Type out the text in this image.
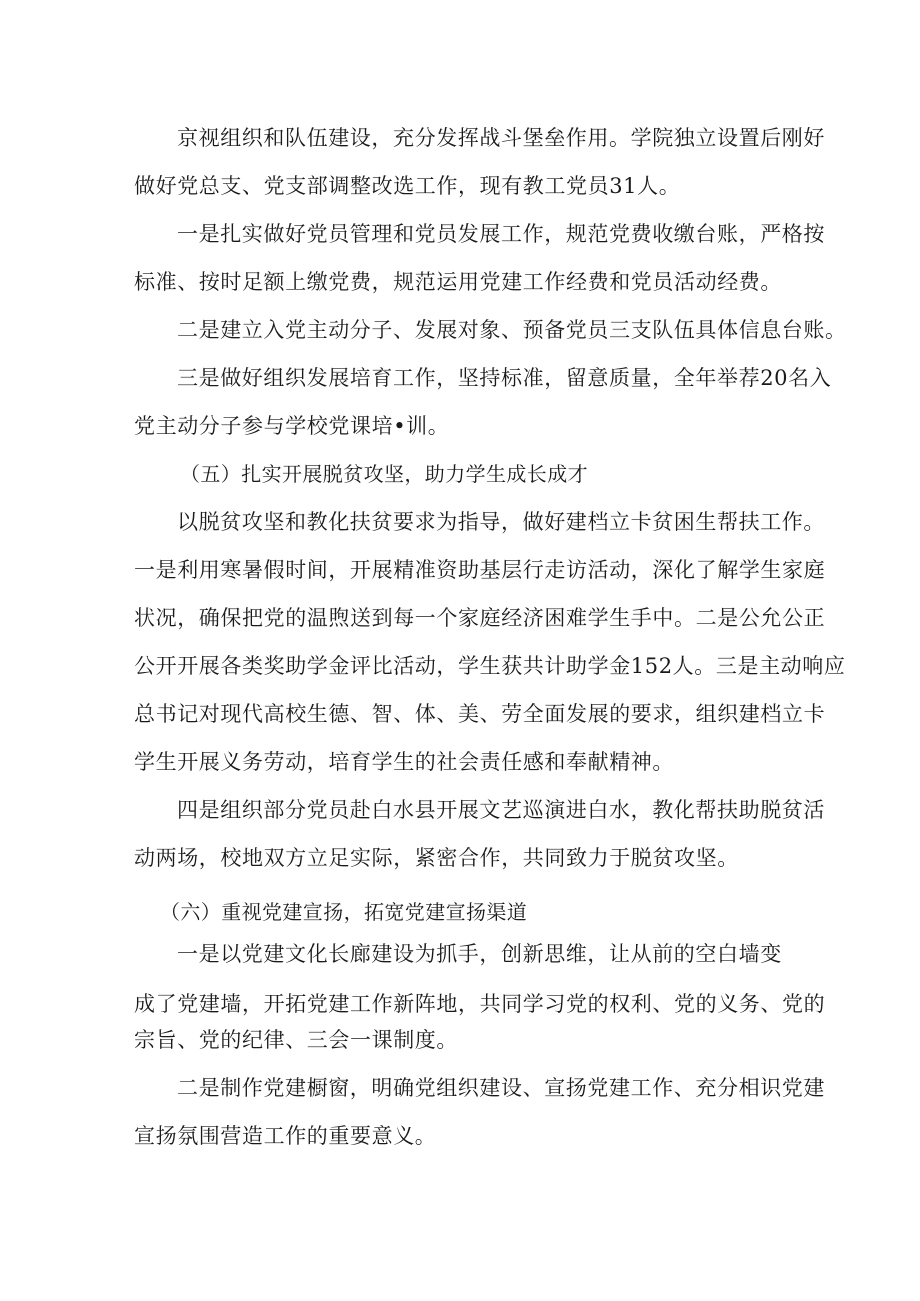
京视组织和队伍建设，充分发挥战斗堡垒作用。学院独立设置后刚好
做好党总支、党支部调整改选工作，现有教工党员31人。
一是扎实做好党员管理和党员发展工作，规范党费收缴台账，严格按
标准、按时足额上缴党费，规范运用党建工作经费和党员活动经费。
二是建立入党主动分子、发展对象、预备党员三支队伍具体信息台账。
三是做好组织发展培育工作，坚持标准，留意质量，全年举荐20名入
党主动分子参与学校党课培•训。
（五）扎实开展脱贫攻坚，助力学生成长成才
以脱贫攻坚和教化扶贫要求为指导，做好建档立卡贫困生帮扶工作。
一是利用寒暑假时间，开展精准资助基层行走访活动，深化了解学生家庭
状况，确保把党的温煦送到每一个家庭经济困难学生手中。二是公允公正
公开开展各类奖助学金评比活动，学生获共计助学金152人。三是主动响应
总书记对现代高校生德、智、体、美、劳全面发展的要求，组织建档立卡
学生开展义务劳动，培育学生的社会责任感和奉献精神。
四是组织部分党员赴白水县开展文艺巡演进白水，教化帮扶助脱贫活
动两场，校地双方立足实际，紧密合作，共同致力于脱贫攻坚。
（六）重视党建宣扬，拓宽党建宣扬渠道
一是以党建文化长廊建设为抓手，创新思维，让从前的空白墙变
成了党建墙，开拓党建工作新阵地，共同学习党的权利、党的义务、党的
宗旨、党的纪律、三会一课制度。
二是制作党建橱窗，明确党组织建设、宣扬党建工作、充分相识党建
宣扬氛围营造工作的重要意义。
